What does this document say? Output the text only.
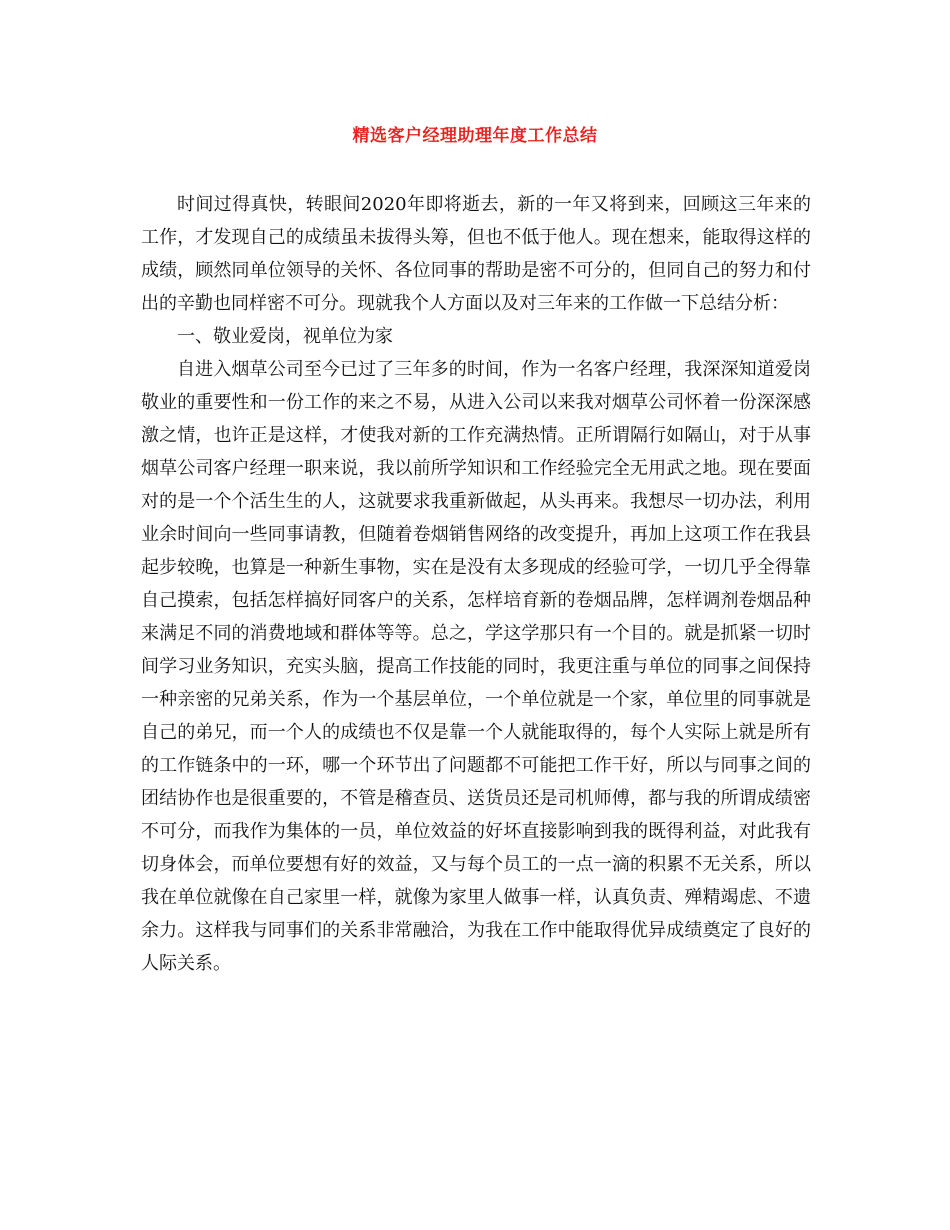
精选客户经理助理年度工作总结

时间过得真快，转眼间2020年即将逝去，新的一年又将到来，回顾这三年来的工作，才发现自己的成绩虽未拔得头筹，但也不低于他人。现在想来，能取得这样的成绩，顾然同单位领导的关怀、各位同事的帮助是密不可分的，但同自己的努力和付出的辛勤也同样密不可分。现就我个人方面以及对三年来的工作做一下总结分析：

一、敬业爱岗，视单位为家

自进入烟草公司至今已过了三年多的时间，作为一名客户经理，我深深知道爱岗敬业的重要性和一份工作的来之不易，从进入公司以来我对烟草公司怀着一份深深感激之情，也许正是这样，才使我对新的工作充满热情。正所谓隔行如隔山，对于从事烟草公司客户经理一职来说，我以前所学知识和工作经验完全无用武之地。现在要面对的是一个个活生生的人，这就要求我重新做起，从头再来。我想尽一切办法，利用业余时间向一些同事请教，但随着卷烟销售网络的改变提升，再加上这项工作在我县起步较晚，也算是一种新生事物，实在是没有太多现成的经验可学，一切几乎全得靠自己摸索，包括怎样搞好同客户的关系，怎样培育新的卷烟品牌，怎样调剂卷烟品种来满足不同的消费地域和群体等等。总之，学这学那只有一个目的。就是抓紧一切时间学习业务知识，充实头脑，提高工作技能的同时，我更注重与单位的同事之间保持一种亲密的兄弟关系，作为一个基层单位，一个单位就是一个家，单位里的同事就是自己的弟兄，而一个人的成绩也不仅是靠一个人就能取得的，每个人实际上就是所有的工作链条中的一环，哪一个环节出了问题都不可能把工作干好，所以与同事之间的团结协作也是很重要的，不管是稽查员、送货员还是司机师傅，都与我的所谓成绩密不可分，而我作为集体的一员，单位效益的好坏直接影响到我的既得利益，对此我有切身体会，而单位要想有好的效益，又与每个员工的一点一滴的积累不无关系，所以我在单位就像在自己家里一样，就像为家里人做事一样，认真负责、殚精竭虑、不遗余力。这样我与同事们的关系非常融洽，为我在工作中能取得优异成绩奠定了良好的人际关系。
